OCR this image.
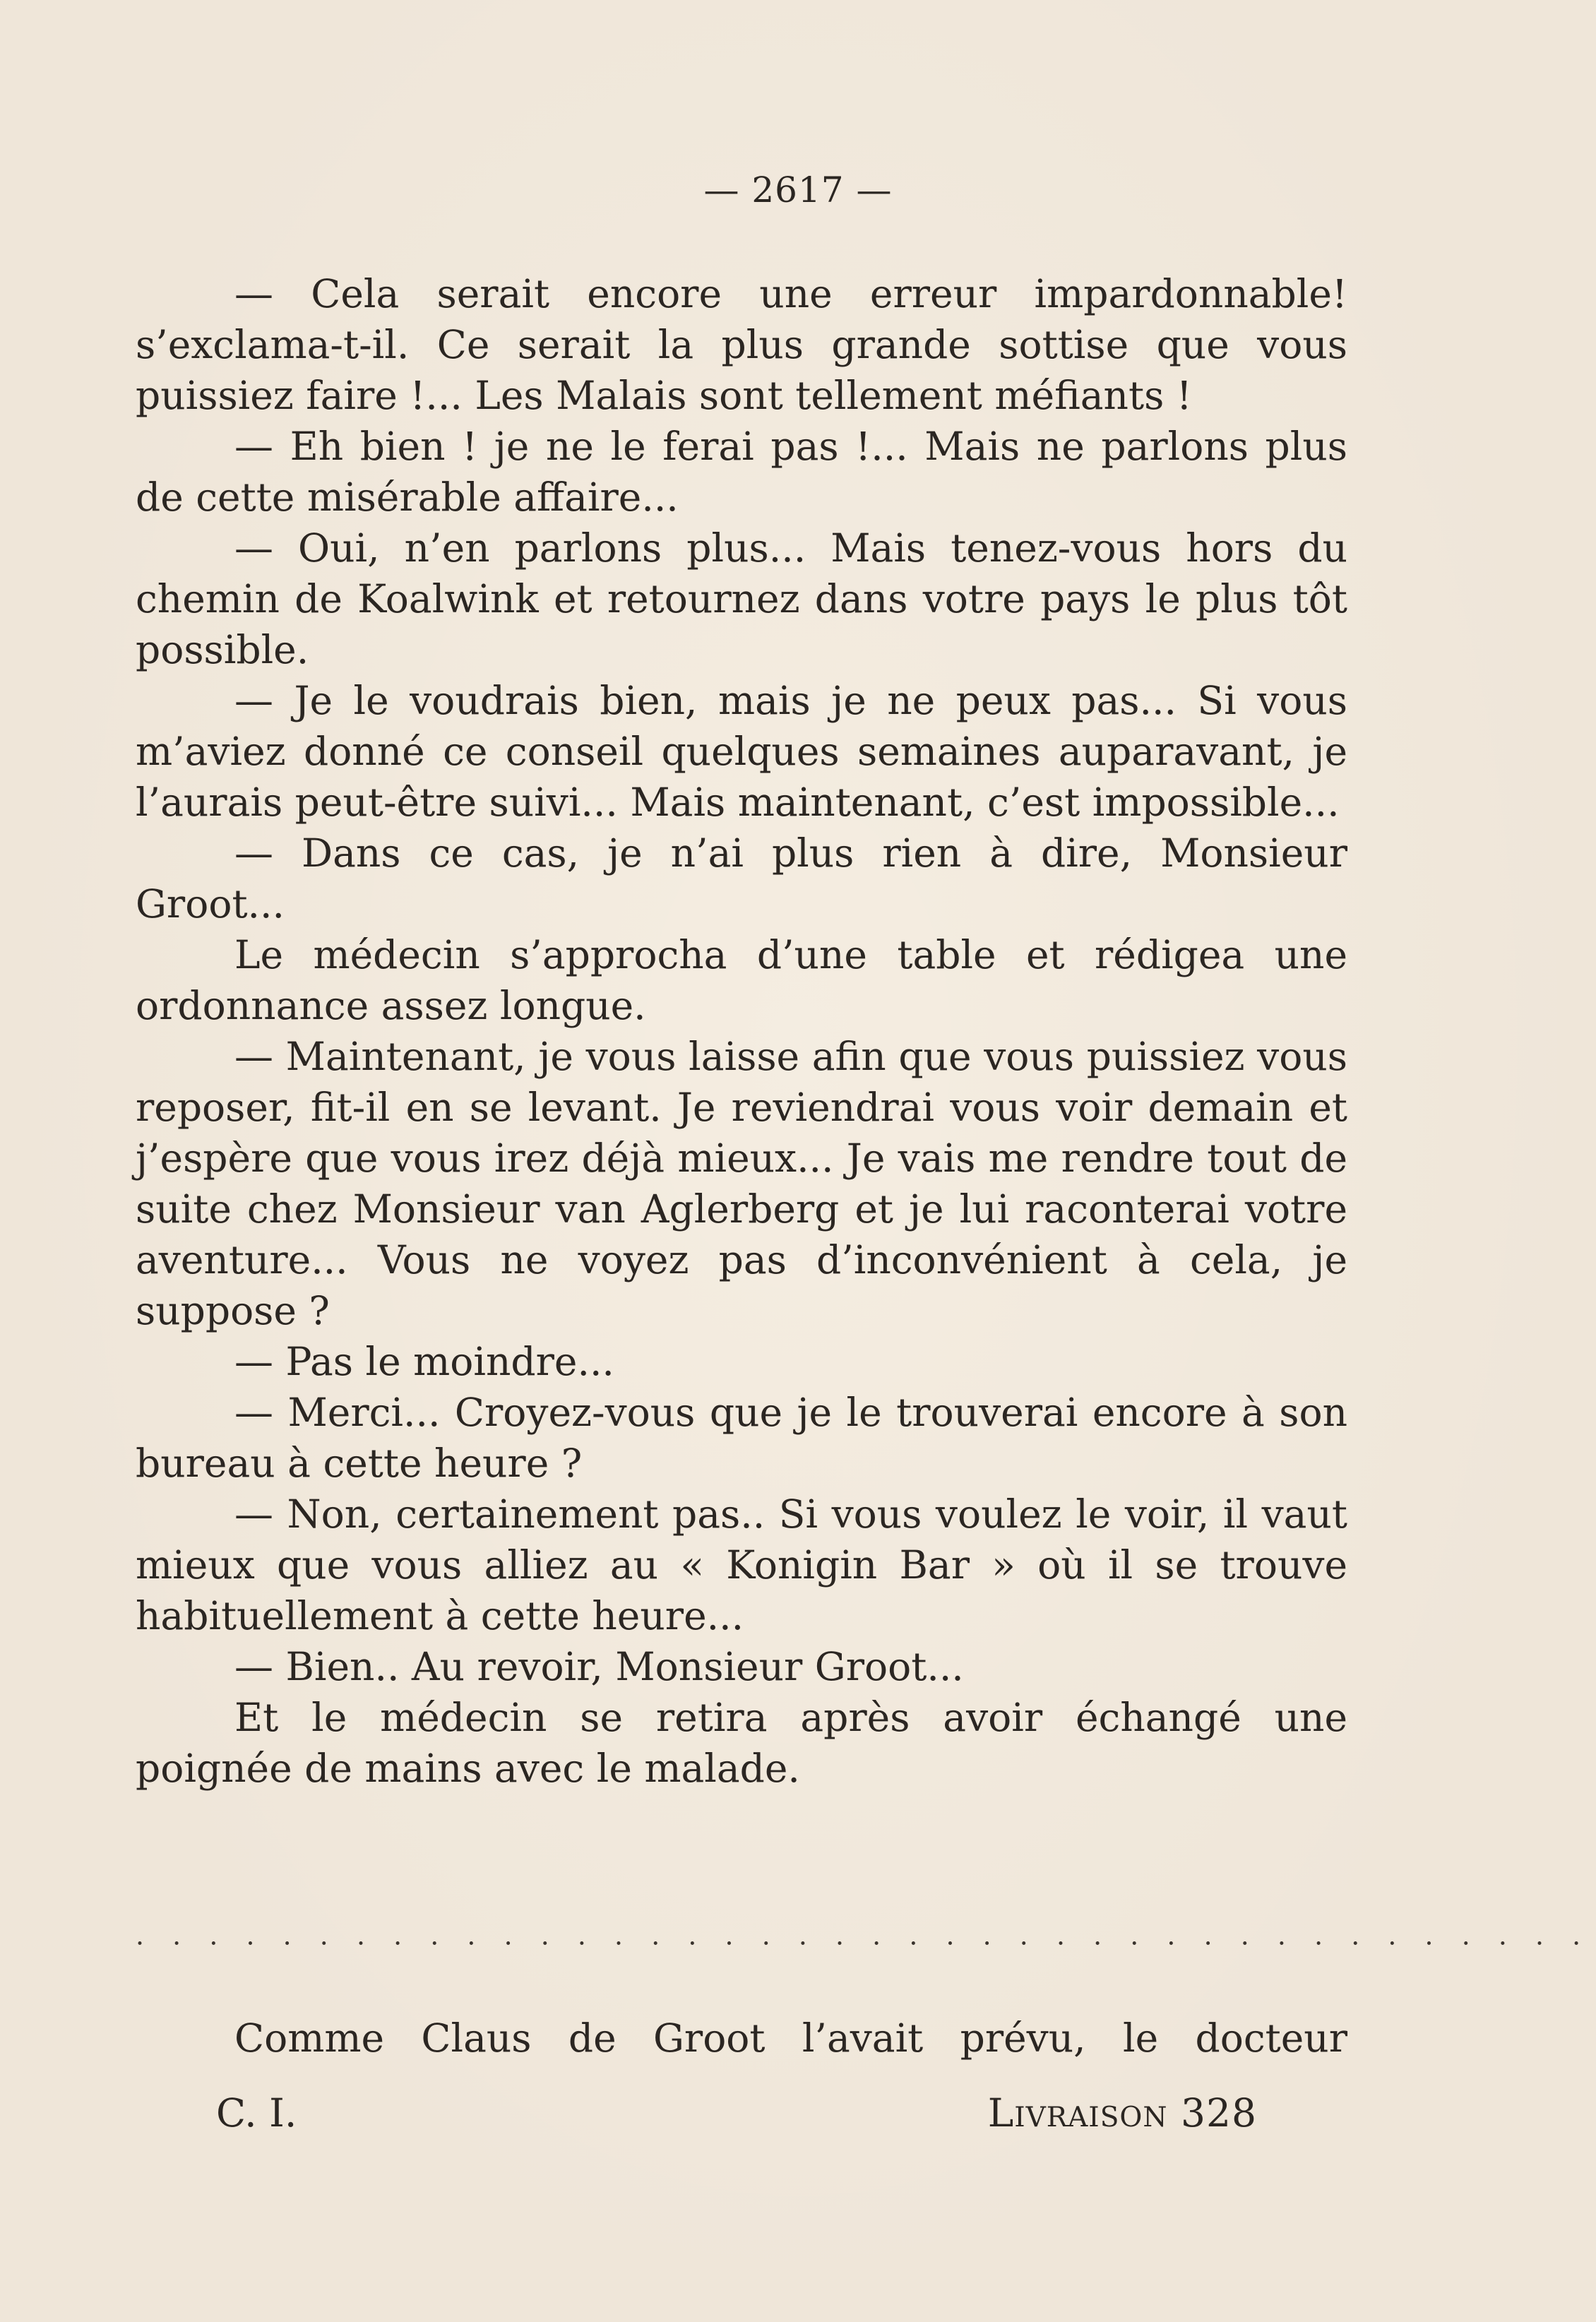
— 2617 —

— Cela serait encore une erreur impardonnable! s’exclama-t-il. Ce serait la plus grande sottise que vous puissiez faire !... Les Malais sont tellement méfiants !

— Eh bien ! je ne le ferai pas !... Mais ne parlons plus de cette misérable affaire...

— Oui, n’en parlons plus... Mais tenez-vous hors du chemin de Koalwink et retournez dans votre pays le plus tôt possible.

— Je le voudrais bien, mais je ne peux pas... Si vous m’aviez donné ce conseil quelques semaines auparavant, je l’aurais peut-être suivi... Mais maintenant, c’est impossible...

— Dans ce cas, je n’ai plus rien à dire, Monsieur Groot...

Le médecin s’approcha d’une table et rédigea une ordonnance assez longue.

— Maintenant, je vous laisse afin que vous puissiez vous reposer, fit-il en se levant. Je reviendrai vous voir demain et j’espère que vous irez déjà mieux... Je vais me rendre tout de suite chez Monsieur van Aglerberg et je lui raconterai votre aventure... Vous ne voyez pas d’inconvénient à cela, je suppose ?

— Pas le moindre...

— Merci... Croyez-vous que je le trouverai encore à son bureau à cette heure ?

— Non, certainement pas.. Si vous voulez le voir, il vaut mieux que vous alliez au « Konigin Bar » où il se trouve habituellement à cette heure...

— Bien.. Au revoir, Monsieur Groot...

Et le médecin se retira après avoir échangé une poignée de mains avec le malade.

· · · · · · · · · · · · · · · · · · · · · · · · · · · · · · · · · · · · · · · ·
Comme Claus de Groot l’avait prévu, le docteur
C. I.	Livraison 328
